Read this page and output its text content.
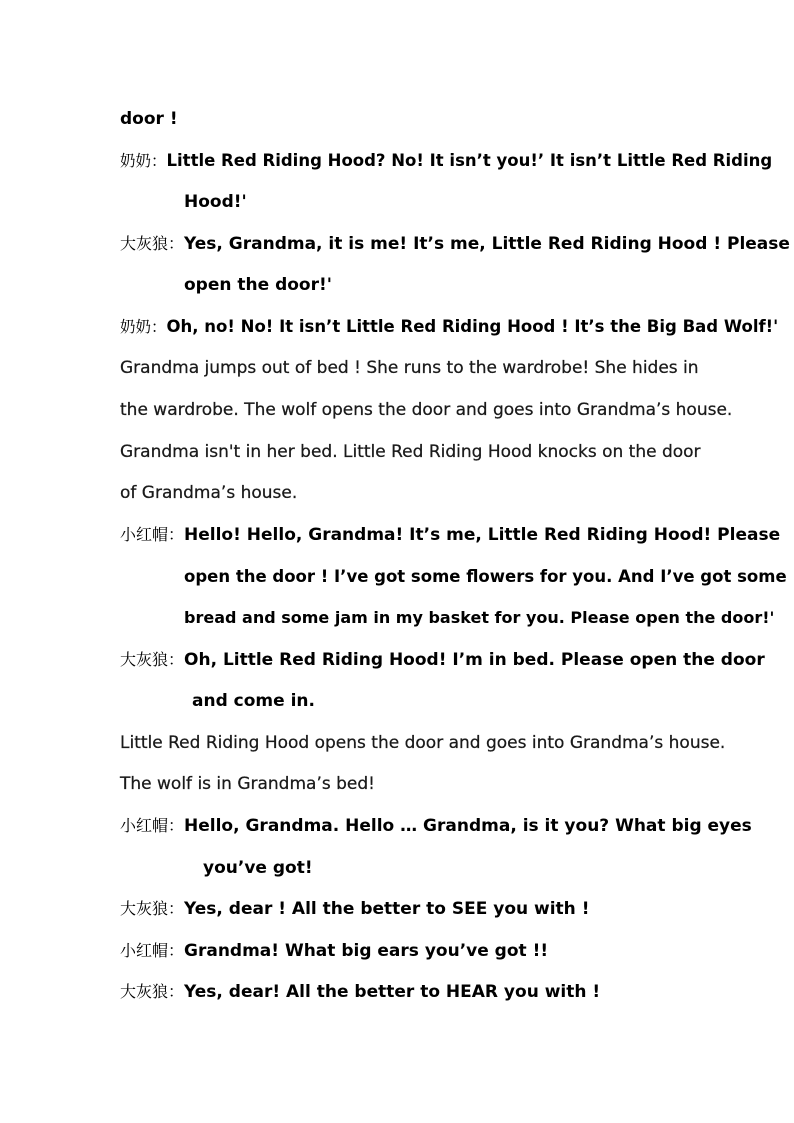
door !
奶奶：Little Red Riding Hood? No! It isn’t you!’ It isn’t Little Red Riding
Hood!'
大灰狼：Yes, Grandma, it is me! It’s me, Little Red Riding Hood ! Please
open the door!'
奶奶：Oh, no! No! It isn’t Little Red Riding Hood ! It’s the Big Bad Wolf!'
Grandma jumps out of bed ! She runs to the wardrobe! She hides in
the wardrobe. The wolf opens the door and goes into Grandma’s house.
Grandma isn't in her bed. Little Red Riding Hood knocks on the door
of Grandma’s house.
小红帽：Hello! Hello, Grandma! It’s me, Little Red Riding Hood! Please
open the door ! I’ve got some flowers for you. And I’ve got some
bread and some jam in my basket for you. Please open the door!'
大灰狼：Oh, Little Red Riding Hood! I’m in bed. Please open the door
and come in.
Little Red Riding Hood opens the door and goes into Grandma’s house.
The wolf is in Grandma’s bed!
小红帽：Hello, Grandma. Hello … Grandma, is it you? What big eyes
you’ve got!
大灰狼：Yes, dear ! All the better to SEE you with !
小红帽：Grandma! What big ears you’ve got !!
大灰狼：Yes, dear! All the better to HEAR you with !
